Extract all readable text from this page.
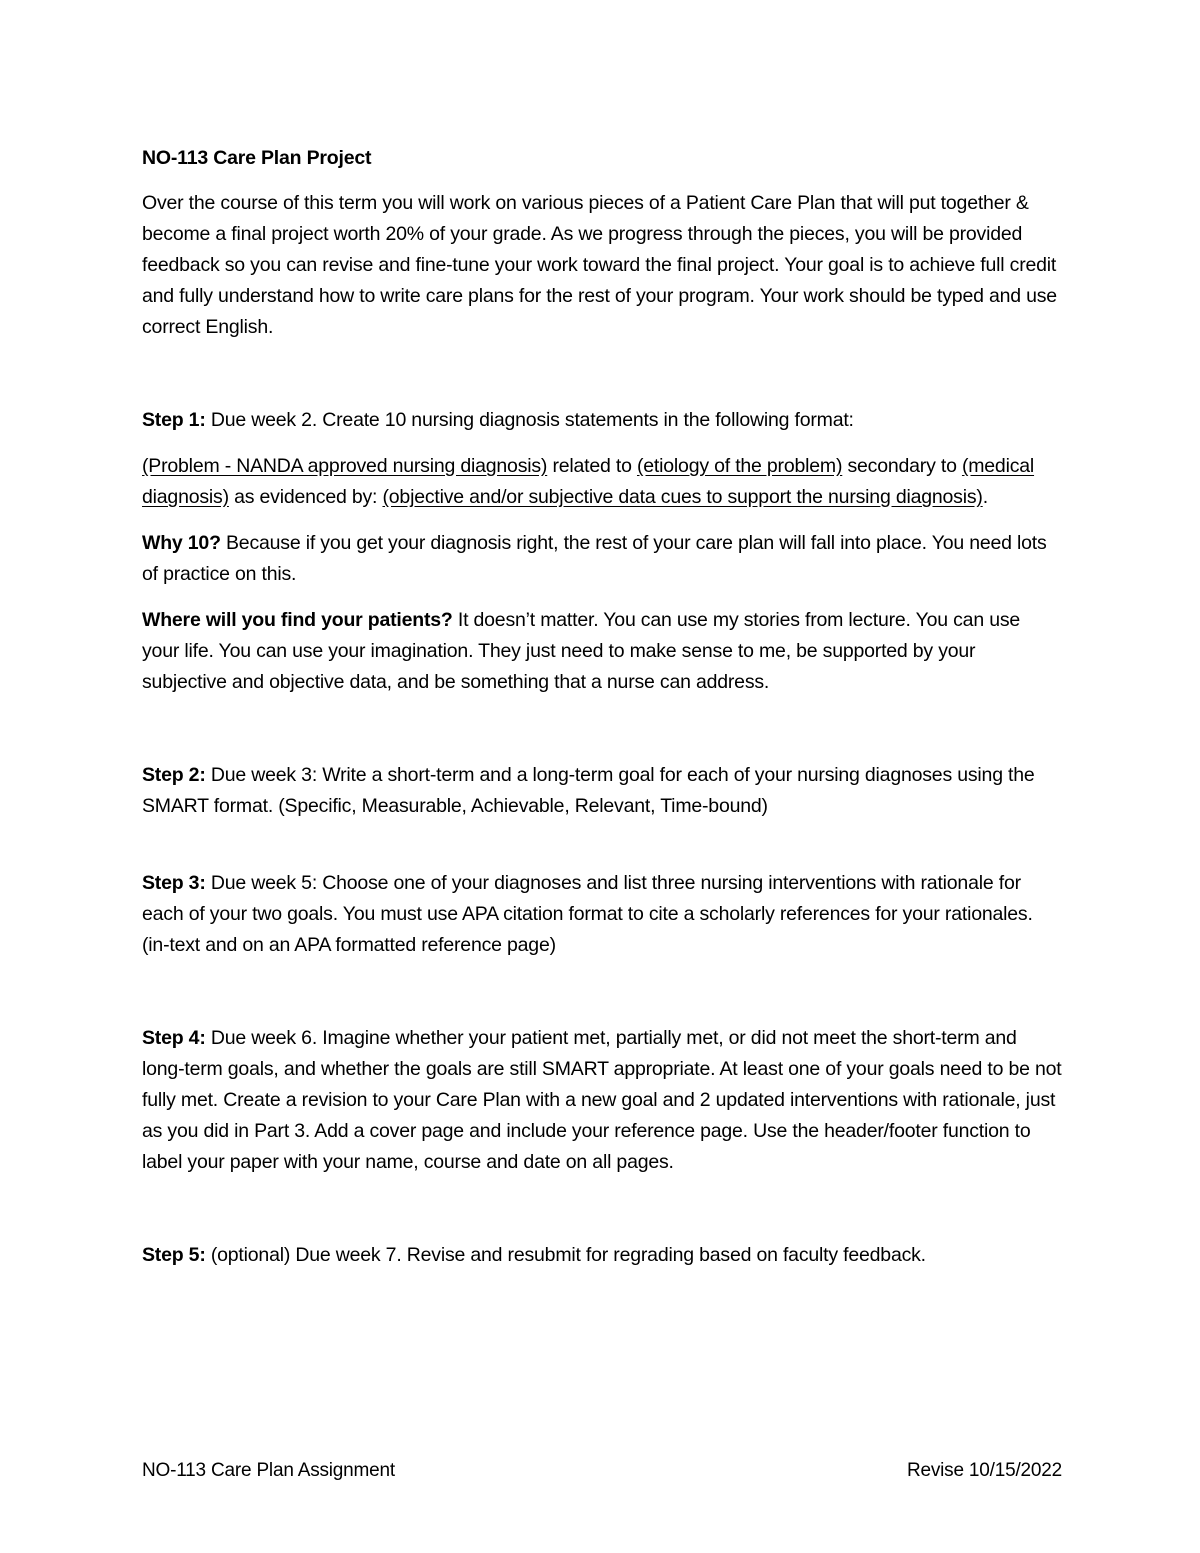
NO-113 Care Plan Project

Over the course of this term you will work on various pieces of a Patient Care Plan that will put together & become a final project worth 20% of your grade. As we progress through the pieces, you will be provided feedback so you can revise and fine-tune your work toward the final project. Your goal is to achieve full credit and fully understand how to write care plans for the rest of your program. Your work should be typed and use correct English.

Step 1: Due week 2. Create 10 nursing diagnosis statements in the following format:

(Problem - NANDA approved nursing diagnosis) related to (etiology of the problem) secondary to (medical diagnosis) as evidenced by: (objective and/or subjective data cues to support the nursing diagnosis).

Why 10? Because if you get your diagnosis right, the rest of your care plan will fall into place. You need lots of practice on this.

Where will you find your patients? It doesn’t matter. You can use my stories from lecture. You can use your life. You can use your imagination. They just need to make sense to me, be supported by your subjective and objective data, and be something that a nurse can address.

Step 2: Due week 3: Write a short-term and a long-term goal for each of your nursing diagnoses using the SMART format. (Specific, Measurable, Achievable, Relevant, Time-bound)

Step 3: Due week 5: Choose one of your diagnoses and list three nursing interventions with rationale for each of your two goals. You must use APA citation format to cite a scholarly references for your rationales. (in-text and on an APA formatted reference page)

Step 4: Due week 6. Imagine whether your patient met, partially met, or did not meet the short-term and long-term goals, and whether the goals are still SMART appropriate. At least one of your goals need to be not fully met. Create a revision to your Care Plan with a new goal and 2 updated interventions with rationale, just as you did in Part 3. Add a cover page and include your reference page. Use the header/footer function to label your paper with your name, course and date on all pages.

Step 5: (optional) Due week 7. Revise and resubmit for regrading based on faculty feedback.

NO-113 Care Plan Assignment	Revise 10/15/2022
